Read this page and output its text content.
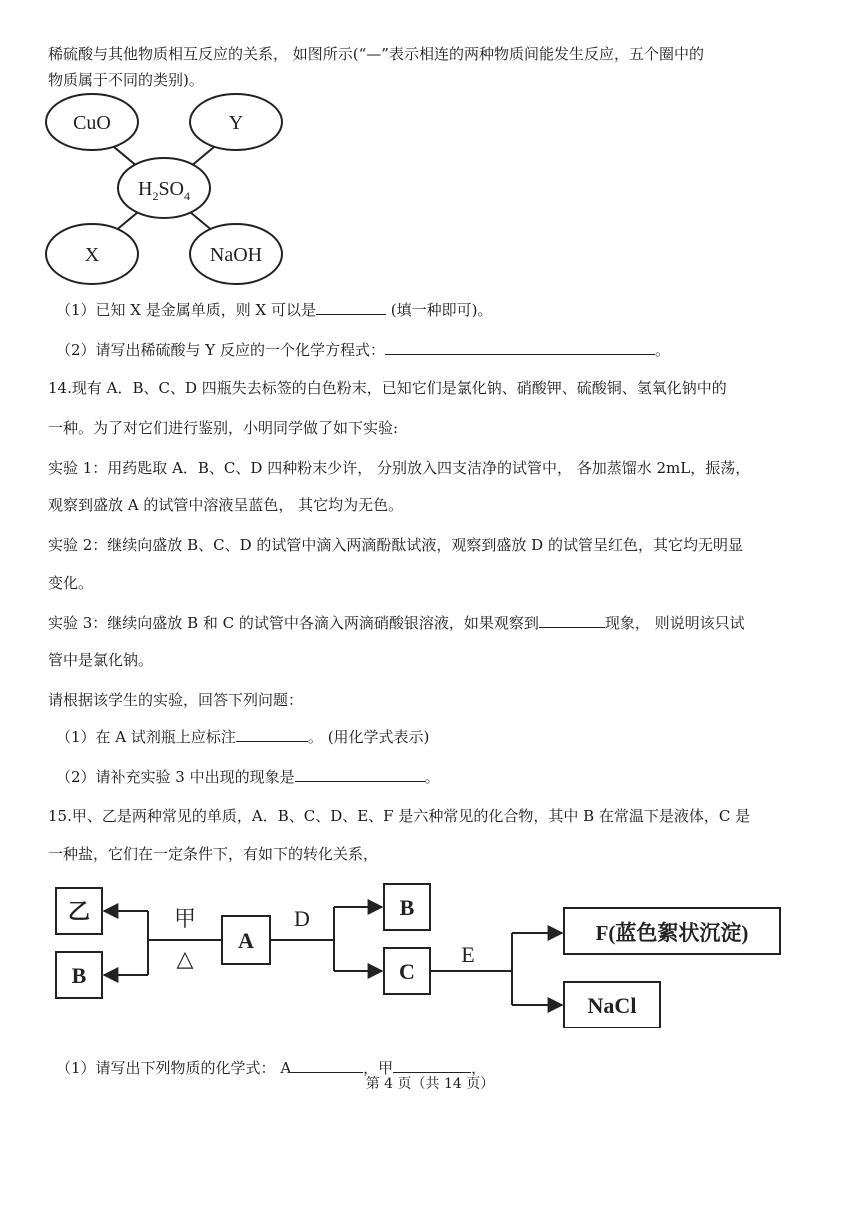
稀硫酸与其他物质相互反应的关系， 如图所示(“—”表示相连的两种物质间能发生反应，五个圈中的
物质属于不同的类别)。
CuO	Y
$H_2SO_4$
X	NaOH
（1）已知 X 是金属单质，则 X 可以是	(填一种即可)。
（2）请写出稀硫酸与 Y 反应的一个化学方程式：	。
14.现有 A．B、C、D 四瓶失去标签的白色粉末，已知它们是氯化钠、硝酸钾、硫酸铜、氢氧化钠中的
一种。为了对它们进行鉴别，小明同学做了如下实验:
实验 1：用药匙取 A．B、C、D 四种粉末少许， 分别放入四支洁净的试管中， 各加蒸馏水 2mL，振荡，
观察到盛放 A 的试管中溶液呈蓝色， 其它均为无色。
实验 2：继续向盛放 B、C、D 的试管中滴入两滴酚酞试液，观察到盛放 D 的试管呈红色，其它均无明显
变化。
实验 3：继续向盛放 B 和 C 的试管中各滴入两滴硝酸银溶液，如果观察到	现象， 则说明该只试
管中是氯化钠。
请根据该学生的实验，回答下列问题：
（1）在 A 试剂瓶上应标注	。 (用化学式表示)
（2）请补充实验 3 中出现的现象是	。
15.甲、乙是两种常见的单质，A．B、C、D、E、F 是六种常见的化合物，其中 B 在常温下是液体，C 是
一种盐，它们在一定条件下，有如下的转化关系，
乙
B
甲
△
A
D	B
C
E
F(蓝色絮状沉淀)
NaCl
（1）请写出下列物质的化学式： A	，甲	，
第 4 页（共 14 页）
